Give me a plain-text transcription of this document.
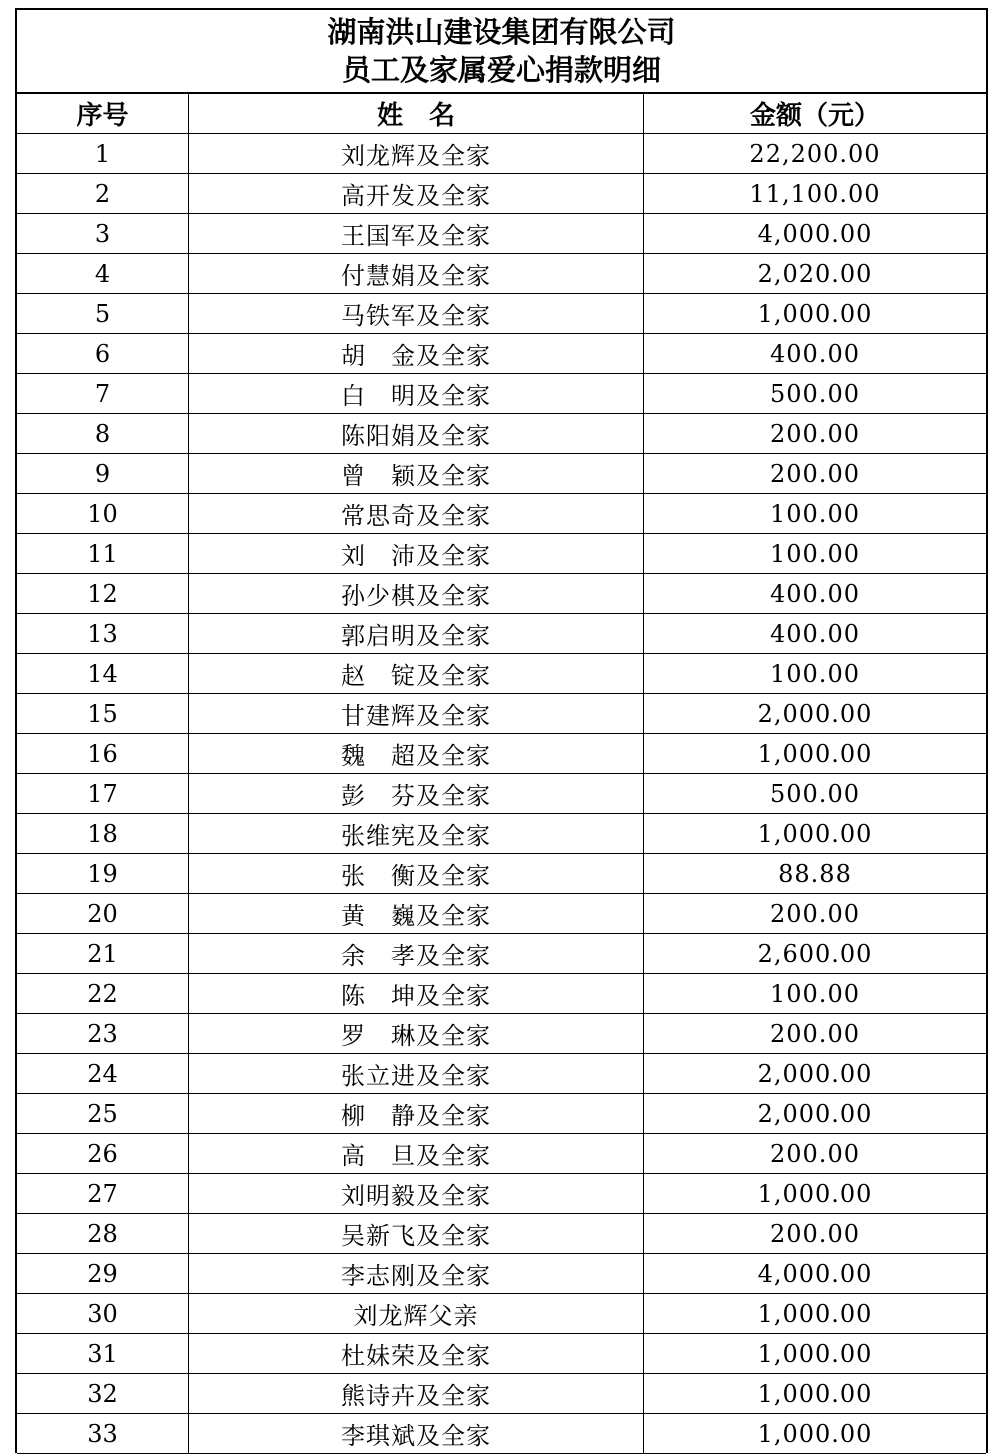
湖南洪山建设集团有限公司
员工及家属爱心捐款明细
序号	姓　名	金额（元）
1	刘龙辉及全家	22,200.00
2	高开发及全家	11,100.00
3	王国军及全家	4,000.00
4	付慧娟及全家	2,020.00
5	马铁军及全家	1,000.00
6	胡　金及全家	400.00
7	白　明及全家	500.00
8	陈阳娟及全家	200.00
9	曾　颖及全家	200.00
10	常思奇及全家	100.00
11	刘　沛及全家	100.00
12	孙少棋及全家	400.00
13	郭启明及全家	400.00
14	赵　锭及全家	100.00
15	甘建辉及全家	2,000.00
16	魏　超及全家	1,000.00
17	彭　芬及全家	500.00
18	张维宪及全家	1,000.00
19	张　衡及全家	88.88
20	黄　巍及全家	200.00
21	余　孝及全家	2,600.00
22	陈　坤及全家	100.00
23	罗　琳及全家	200.00
24	张立进及全家	2,000.00
25	柳　静及全家	2,000.00
26	高　旦及全家	200.00
27	刘明毅及全家	1,000.00
28	吴新飞及全家	200.00
29	李志刚及全家	4,000.00
30	刘龙辉父亲	1,000.00
31	杜妹荣及全家	1,000.00
32	熊诗卉及全家	1,000.00
33	李琪斌及全家	1,000.00
